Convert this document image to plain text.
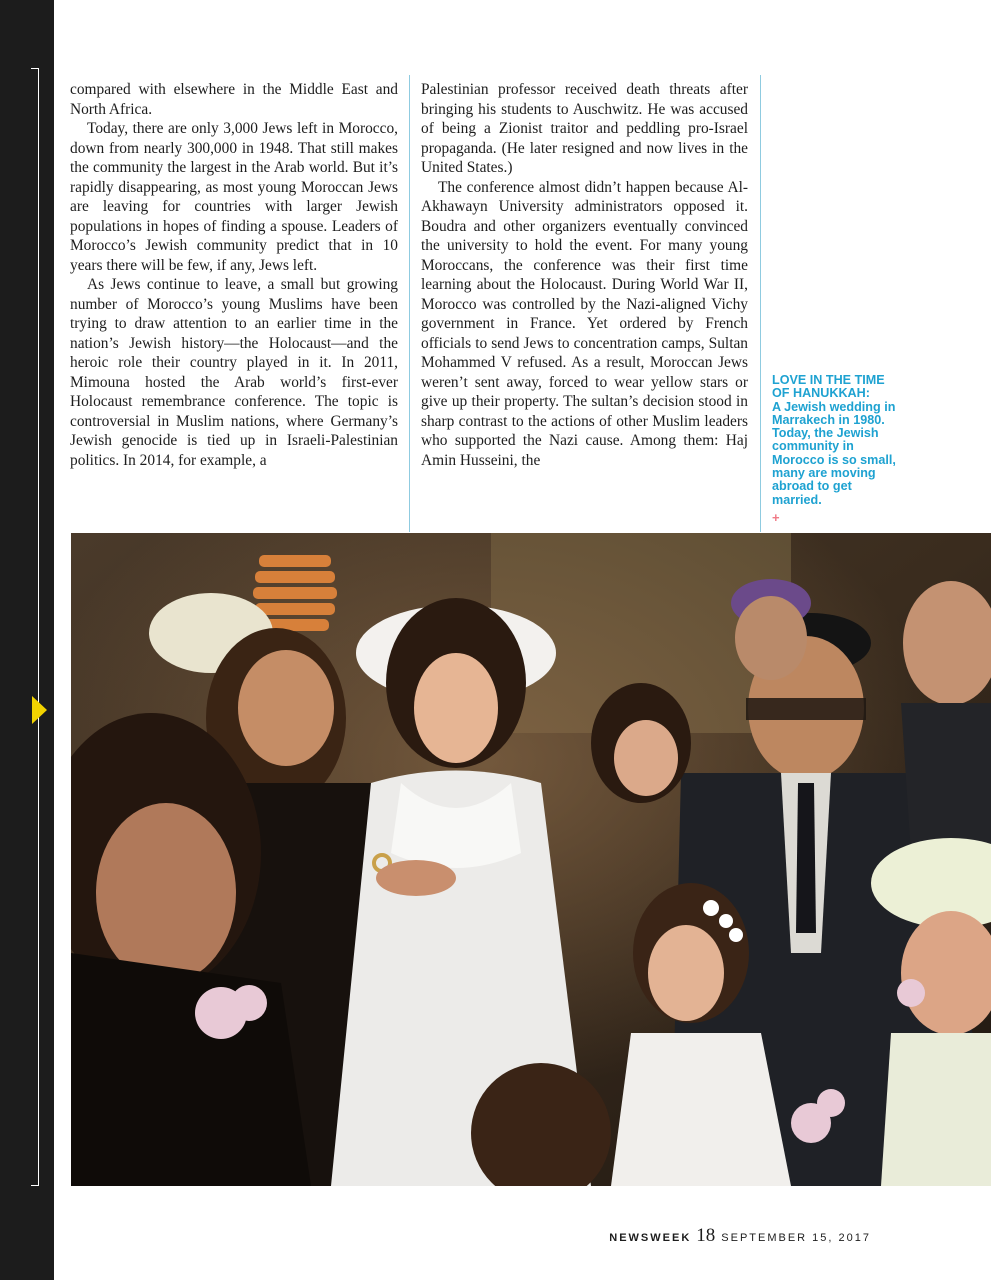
compared with elsewhere in the Middle East and North Africa.

Today, there are only 3,000 Jews left in Morocco, down from nearly 300,000 in 1948. That still makes the community the largest in the Arab world. But it’s rapidly disappearing, as most young Moroccan Jews are leaving for countries with larger Jewish populations in hopes of finding a spouse. Leaders of Morocco’s Jewish community predict that in 10 years there will be few, if any, Jews left.

As Jews continue to leave, a small but growing number of Morocco’s young Muslims have been trying to draw attention to an earlier time in the nation’s Jewish history—the Holocaust—and the heroic role their country played in it. In 2011, Mimouna hosted the Arab world’s first-ever Holocaust remembrance conference. The topic is controversial in Muslim nations, where Germany’s Jewish genocide is tied up in Israeli-Palestinian politics. In 2014, for example, a

Palestinian professor received death threats after bringing his students to Auschwitz. He was accused of being a Zionist traitor and peddling pro-Israel propaganda. (He later resigned and now lives in the United States.)

The conference almost didn’t happen because Al-Akhawayn University administrators opposed it. Boudra and other organizers eventually convinced the university to hold the event. For many young Moroccans, the conference was their first time learning about the Holocaust. During World War II, Morocco was controlled by the Nazi-aligned Vichy government in France. Yet ordered by French officials to send Jews to concentration camps, Sultan Mohammed V refused. As a result, Moroccan Jews weren’t sent away, forced to wear yellow stars or give up their property. The sultan’s decision stood in sharp contrast to the actions of other Muslim leaders who supported the Nazi cause. Among them: Haj Amin Husseini, the

LOVE IN THE TIME OF HANUKKAH:
A Jewish wedding in Marrakech in 1980. Today, the Jewish community in Morocco is so small, many are moving abroad to get married.
+
NEWSWEEK 18 SEPTEMBER 15, 2017
